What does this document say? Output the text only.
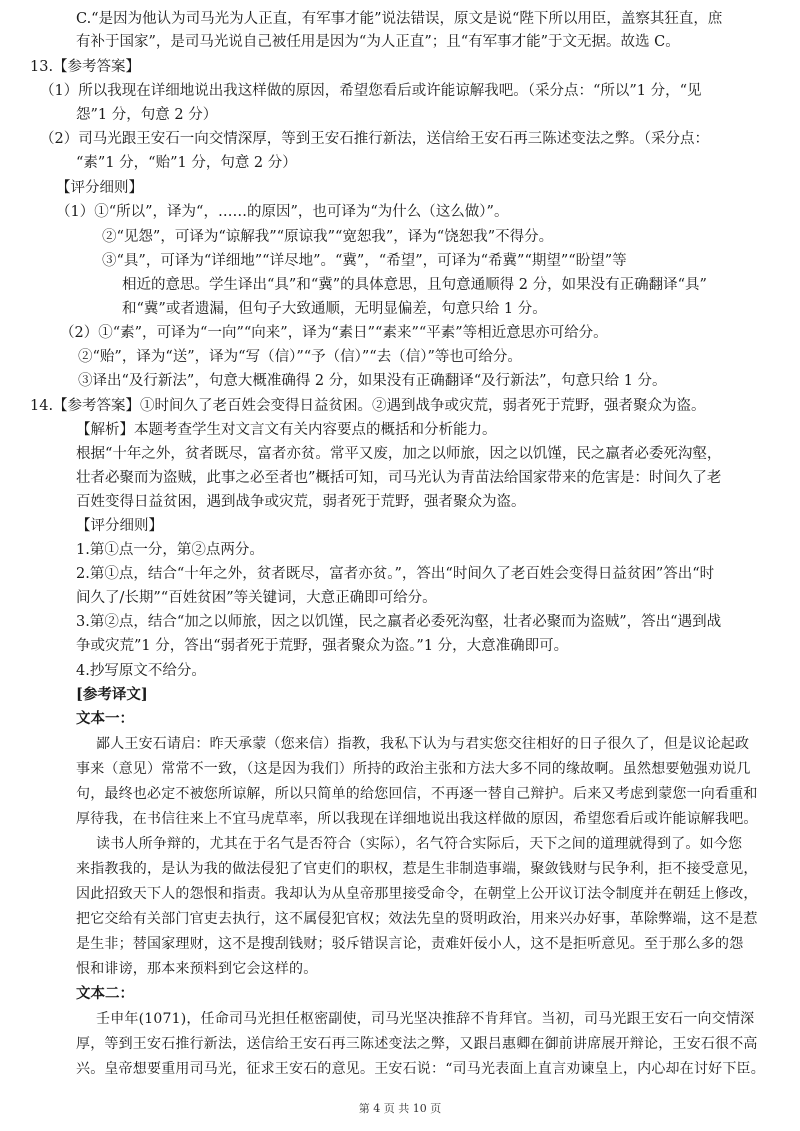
C.“是因为他认为司马光为人正直，有军事才能”说法错误，原文是说“陛下所以用臣，盖察其狂直，庶
有补于国家”，是司马光说自己被任用是因为“为人正直”；且“有军事才能”于文无据。故选 C。
13.【参考答案】
（1）所以我现在详细地说出我这样做的原因，希望您看后或许能谅解我吧。（采分点：“所以”1 分，“见
怨”1 分，句意 2 分）
（2）司马光跟王安石一向交情深厚，等到王安石推行新法，送信给王安石再三陈述变法之弊。（采分点：
“素”1 分，“贻”1 分，句意 2 分）
【评分细则】
（1）①“所以”，译为“，……的原因”，也可译为“为什么（这么做）”。
②“见怨”，可译为“谅解我”“原谅我”“宽恕我”，译为“饶恕我”不得分。
③“具”，可译为“详细地”“详尽地”。“冀”，“希望”，可译为“希冀”“期望”“盼望”等
相近的意思。学生译出“具”和“冀”的具体意思，且句意通顺得 2 分，如果没有正确翻译“具”
和“冀”或者遗漏，但句子大致通顺，无明显偏差，句意只给 1 分。
（2）①“素”，可译为“一向”“向来”，译为“素日”“素来”“平素”等相近意思亦可给分。
②“贻”，译为“送”，译为“写（信）”“予（信）”“去（信）”等也可给分。
③译出“及行新法”，句意大概准确得 2 分，如果没有正确翻译“及行新法”，句意只给 1 分。
14.【参考答案】①时间久了老百姓会变得日益贫困。②遇到战争或灾荒，弱者死于荒野，强者聚众为盗。
【解析】本题考查学生对文言文有关内容要点的概括和分析能力。
根据“十年之外，贫者既尽，富者亦贫。常平又废，加之以师旅，因之以饥馑，民之羸者必委死沟壑，
壮者必聚而为盗贼，此事之必至者也”概括可知，司马光认为青苗法给国家带来的危害是：时间久了老
百姓变得日益贫困，遇到战争或灾荒，弱者死于荒野，强者聚众为盗。
【评分细则】
1.第①点一分，第②点两分。
2.第①点，结合“十年之外，贫者既尽，富者亦贫。”，答出“时间久了老百姓会变得日益贫困”答出“时
间久了/长期”“百姓贫困”等关键词，大意正确即可给分。
3.第②点，结合“加之以师旅，因之以饥馑，民之羸者必委死沟壑，壮者必聚而为盗贼”，答出“遇到战
争或灾荒”1 分，答出“弱者死于荒野，强者聚众为盗。”1 分，大意准确即可。
4.抄写原文不给分。
[参考译文]
文本一：
鄙人王安石请启：昨天承蒙（您来信）指教，我私下认为与君实您交往相好的日子很久了，但是议论起政
事来（意见）常常不一致，（这是因为我们）所持的政治主张和方法大多不同的缘故啊。虽然想要勉强劝说几
句，最终也必定不被您所谅解，所以只简单的给您回信，不再逐一替自己辩护。后来又考虑到蒙您一向看重和
厚待我，在书信往来上不宜马虎草率，所以我现在详细地说出我这样做的原因，希望您看后或许能谅解我吧。
读书人所争辩的，尤其在于名气是否符合（实际），名气符合实际后，天下之间的道理就得到了。如今您
来指教我的，是认为我的做法侵犯了官吏们的职权，惹是生非制造事端，聚敛钱财与民争利，拒不接受意见，
因此招致天下人的怨恨和指责。我却认为从皇帝那里接受命令，在朝堂上公开议订法令制度并在朝廷上修改，
把它交给有关部门官吏去执行，这不属侵犯官权；效法先皇的贤明政治，用来兴办好事，革除弊端，这不是惹
是生非；替国家理财，这不是搜刮钱财；驳斥错误言论，责难奸佞小人，这不是拒听意见。至于那么多的怨
恨和诽谤，那本来预料到它会这样的。
文本二：
壬申年(1071)，任命司马光担任枢密副使，司马光坚决推辞不肯拜官。当初，司马光跟王安石一向交情深
厚，等到王安石推行新法，送信给王安石再三陈述变法之弊，又跟吕惠卿在御前讲席展开辩论，王安石很不高
兴。皇帝想要重用司马光，征求王安石的意见。王安石说：“司马光表面上直言劝谏皇上，内心却在讨好下臣。
第 4 页 共 10 页
